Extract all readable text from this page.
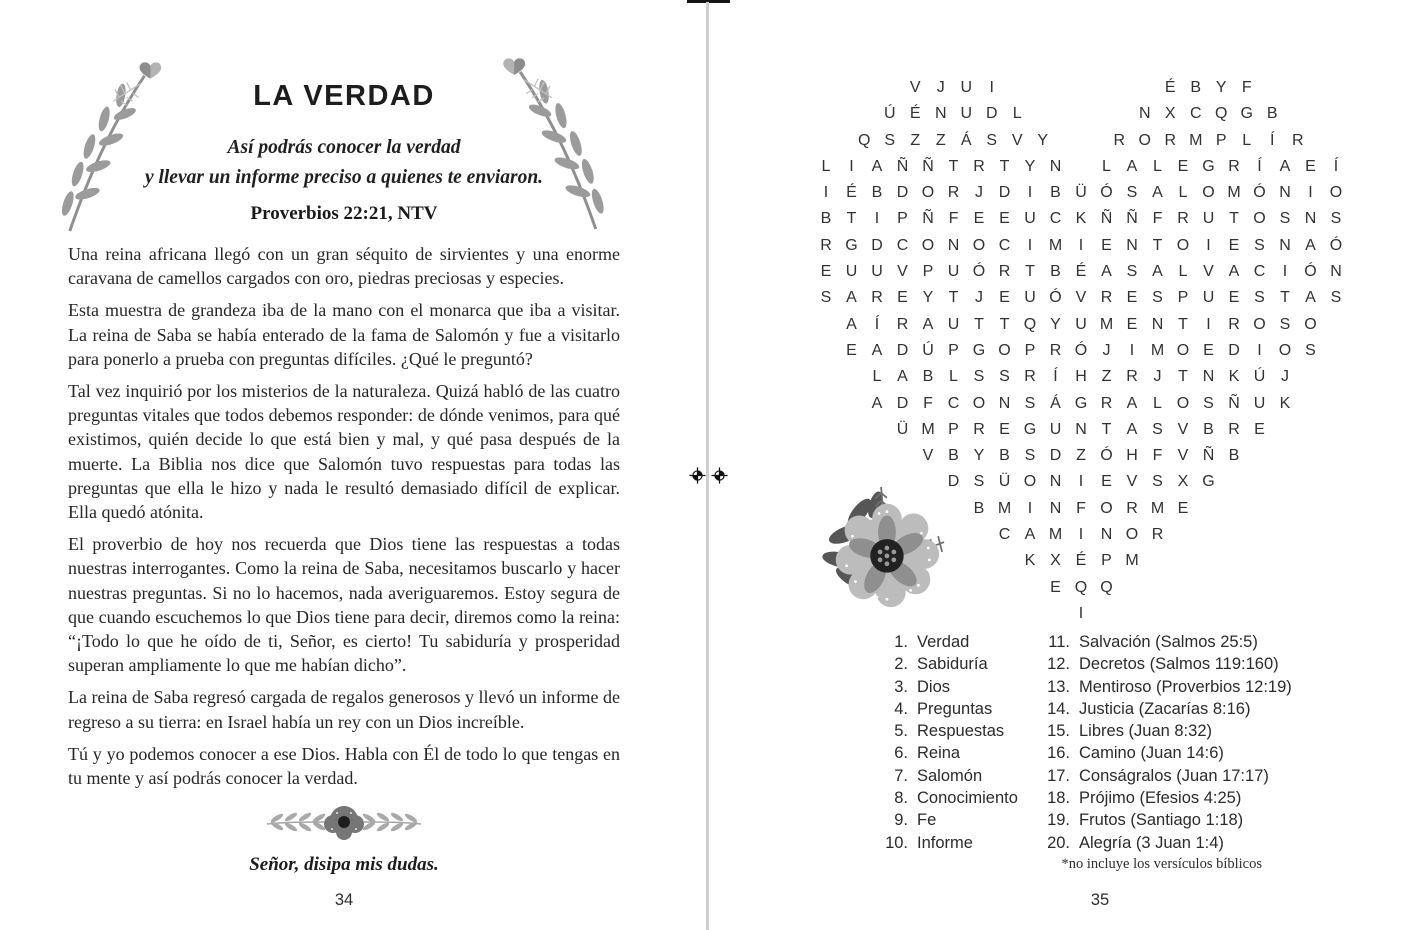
LA VERDAD
Así podrás conocer la verdad
y llevar un informe preciso a quienes te enviaron.
Proverbios 22:21, NTV

Una reina africana llegó con un gran séquito de sirvientes y una enorme caravana de camellos cargados con oro, piedras preciosas y especies.

Esta muestra de grandeza iba de la mano con el monarca que iba a visitar. La reina de Saba se había enterado de la fama de Salomón y fue a visitarlo para ponerlo a prueba con preguntas difíciles. ¿Qué le preguntó?

Tal vez inquirió por los misterios de la naturaleza. Quizá habló de las cuatro preguntas vitales que todos debemos responder: de dónde venimos, para qué existimos, quién decide lo que está bien y mal, y qué pasa después de la muerte. La Biblia nos dice que Salomón tuvo respuestas para todas las preguntas que ella le hizo y nada le resultó demasiado difícil de explicar. Ella quedó atónita.

El proverbio de hoy nos recuerda que Dios tiene las respuestas a todas nuestras interrogantes. Como la reina de Saba, necesitamos buscarlo y hacer nuestras preguntas. Si no lo hacemos, nada averiguaremos. Estoy segura de que cuando escuchemos lo que Dios tiene para decir, diremos como la reina: “¡Todo lo que he oído de ti, Señor, es cierto! Tu sabiduría y prosperidad superan ampliamente lo que me habían dicho”.

La reina de Saba regresó cargada de regalos generosos y llevó un informe de regreso a su tierra: en Israel había un rey con un Dios increíble.

Tú y yo podemos conocer a ese Dios. Habla con Él de todo lo que tengas en tu mente y así podrás conocer la verdad.

Señor, disipa mis dudas.
34
V J U I	É B Y F
Ú É N U D L	N X C Q G B
Q S Z Z Á S V Y	R O R M P L Í R
L I A Ñ Ñ T R T Y N	L A L E G R Í A E Í
I É B D O R J D I B Ü Ó S A L O M Ó N I O
B T I P Ñ F E E U C K Ñ Ñ F R U T O S N S
R G D C O N O C I M I E N T O I E S N A Ó
E U U V P U Ó R T B É A S A L V A C I Ó N
S A R E Y T J E U Ó V R E S P U E S T A S
A Í R A U T T Q Y U M E N T I R O S O
E A D Ú P G O P R Ó J I M O E D I O S
L A B L S S R Í H Z R J T N K Ú J
A D F C O N S Á G R A L O S Ñ U K
Ü M P R E G U N T A S V B R E
V B Y B S D Z Ó H F V Ñ B
D S Ü O N I E V S X G
B M I N F O R M E
C A M I N O R
K X É P M
E Q Q
I
1. Verdad
2. Sabiduría
3. Dios
4. Preguntas
5. Respuestas
6. Reina
7. Salomón
8. Conocimiento
9. Fe
10. Informe
11. Salvación (Salmos 25:5)
12. Decretos (Salmos 119:160)
13. Mentiroso (Proverbios 12:19)
14. Justicia (Zacarías 8:16)
15. Libres (Juan 8:32)
16. Camino (Juan 14:6)
17. Conságralos (Juan 17:17)
18. Prójimo (Efesios 4:25)
19. Frutos (Santiago 1:18)
20. Alegría (3 Juan 1:4)
*no incluye los versículos bíblicos
35
